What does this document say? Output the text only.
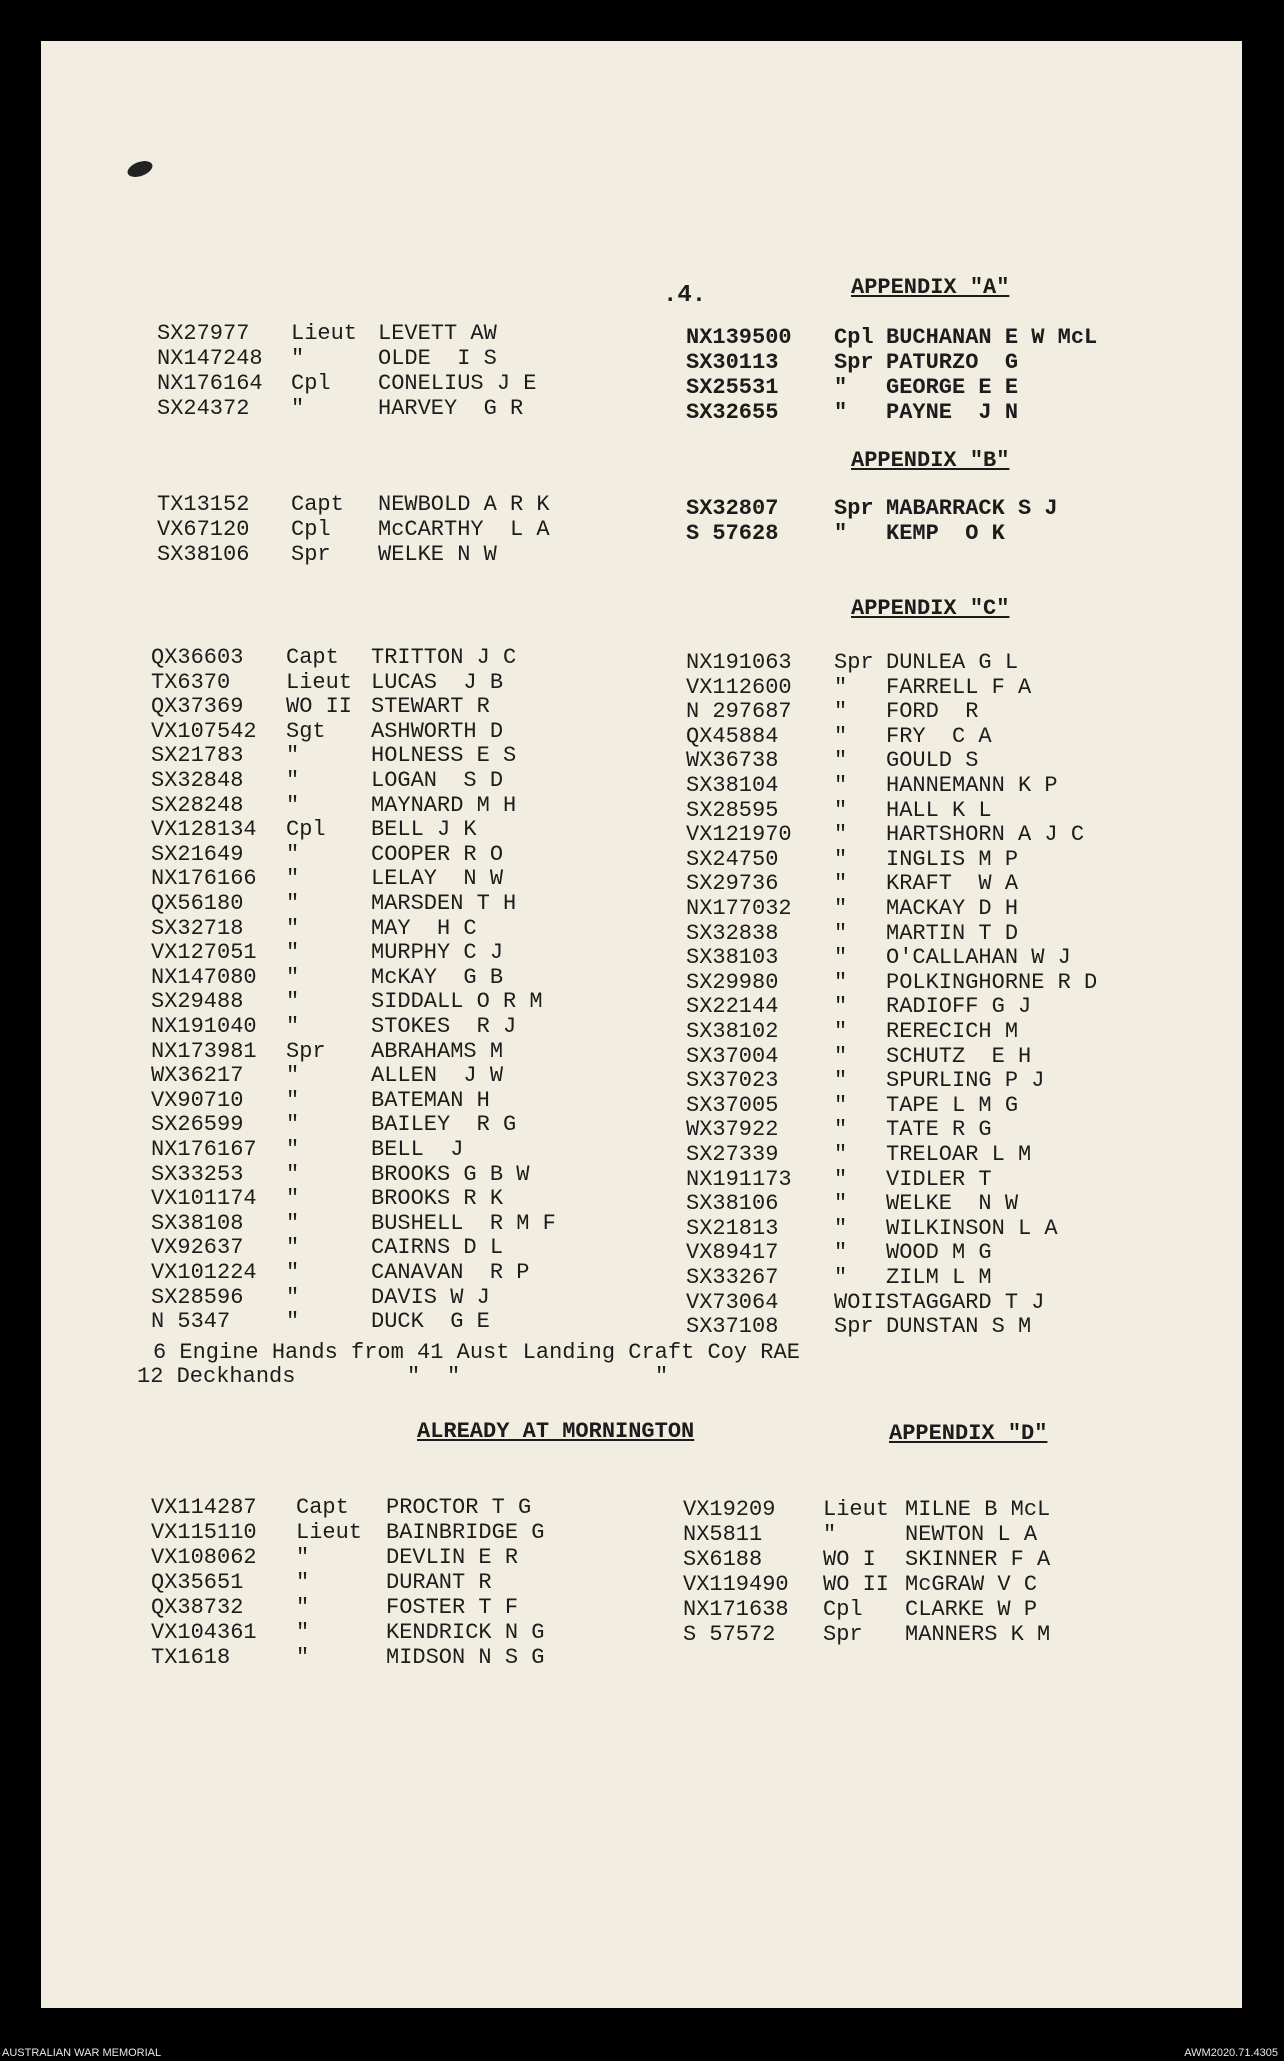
.4.	APPENDIX "A"
SX27977 Lieut LEVETT AW
NX147248 "	OLDE  I S
NX176164 Cpl CONELIUS J E
SX24372 "	HARVEY  G R
NX139500 Cpl BUCHANAN E W McL
SX30113	Spr PATURZO  G
SX25531	" GEORGE E E
SX32655	" PAYNE  J N
APPENDIX "B"
TX13152 Capt NEWBOLD A R K
VX67120 Cpl McCARTHY  L A
SX38106 Spr WELKE N W
SX32807	Spr MABARRACK S J
S 57628	" KEMP  O K
APPENDIX "C"
QX36603 Capt TRITTON J C
TX6370	Lieut LUCAS  J B
QX37369 WO II STEWART R
VX107542 Sgt ASHWORTH D
SX21783 "	HOLNESS E S
SX32848 "	LOGAN  S D
SX28248 "	MAYNARD M H
VX128134 Cpl BELL J K
SX21649 "	COOPER R O
NX176166 "	LELAY  N W
QX56180 "	MARSDEN T H
SX32718 "	MAY  H C
VX127051 "	MURPHY C J
NX147080 "	McKAY  G B
SX29488 "	SIDDALL O R M
NX191040 "	STOKES  R J
NX173981 Spr ABRAHAMS M
WX36217 "	ALLEN  J W
VX90710 "	BATEMAN H
SX26599 "	BAILEY  R G
NX176167 "	BELL  J
SX33253 "	BROOKS G B W
VX101174 "	BROOKS R K
SX38108 "	BUSHELL  R M F
VX92637 "	CAIRNS D L
VX101224 "	CANAVAN  R P
SX28596 "	DAVIS W J
N 5347	"	DUCK  G E
NX191063 Spr DUNLEA G L
VX112600 " FARRELL F A
N 297687 " FORD  R
QX45884	" FRY  C A
WX36738	" GOULD S
SX38104	" HANNEMANN K P
SX28595	" HALL K L
VX121970 " HARTSHORN A J C
SX24750	" INGLIS M P
SX29736	" KRAFT  W A
NX177032 " MACKAY D H
SX32838	" MARTIN T D
SX38103	" O'CALLAHAN W J
SX29980	" POLKINGHORNE R D
SX22144	" RADIOFF G J
SX38102	" RERECICH M
SX37004	" SCHUTZ  E H
SX37023	" SPURLING P J
SX37005	" TAPE L M G
WX37922	" TATE R G
SX27339	" TRELOAR L M
NX191173 " VIDLER T
SX38106	" WELKE  N W
SX21813	" WILKINSON L A
VX89417	" WOOD M G
SX33267	" ZILM L M
VX73064	WOII STAGGARD T J
SX37108	Spr DUNSTAN S M
6 Engine Hands from 41 Aust Landing Craft Coy RAE
12 Deckhands	" "	"
ALREADY AT MORNINGTON	APPENDIX "D"
VX114287 Capt PROCTOR T G
VX115110 Lieut BAINBRIDGE G
VX108062 "	DEVLIN E R
QX35651 "	DURANT R
QX38732 "	FOSTER T F
VX104361 "	KENDRICK N G
TX1618	"	MIDSON N S G
VX19209 Lieut MILNE B McL
NX5811	"	NEWTON L A
SX6188	WO I SKINNER F A
VX119490 WO II McGRAW V C
NX171638 Cpl CLARKE W P
S 57572 Spr MANNERS K M
AUSTRALIAN WAR MEMORIAL	AWM2020.71.4305
